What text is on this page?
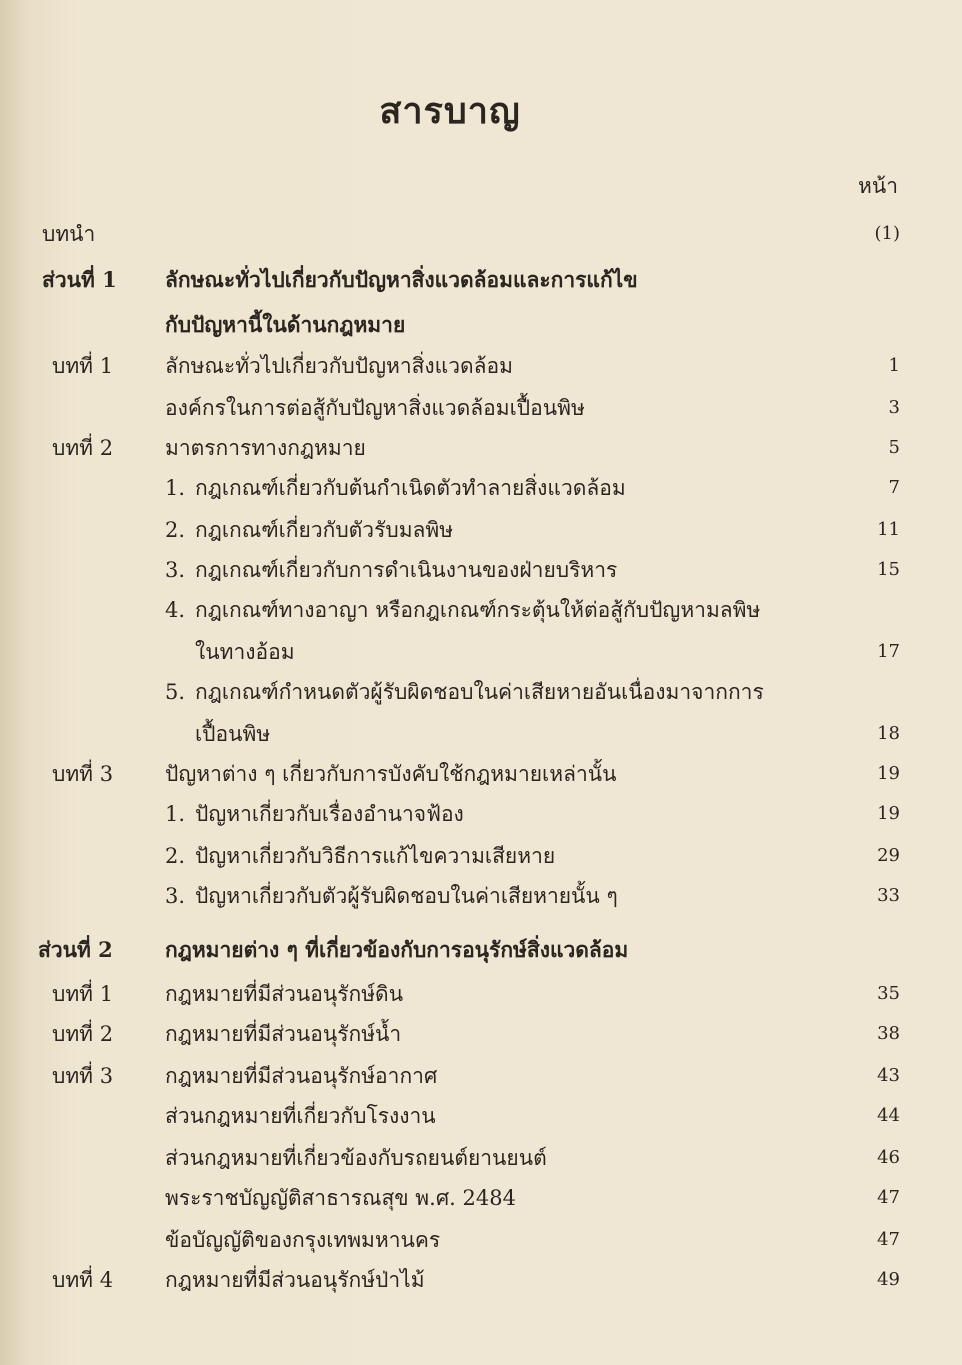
สารบาญ
หน้า
บทนำ	(1)
ส่วนที่ 1 ลักษณะทั่วไปเกี่ยวกับปัญหาสิ่งแวดล้อมและการแก้ไข
กับปัญหานี้ในด้านกฎหมาย
บทที่ 1 ลักษณะทั่วไปเกี่ยวกับปัญหาสิ่งแวดล้อม	1
องค์กรในการต่อสู้กับปัญหาสิ่งแวดล้อมเปื้อนพิษ	3
บทที่ 2 มาตรการทางกฎหมาย	5
1. กฎเกณฑ์เกี่ยวกับต้นกำเนิดตัวทำลายสิ่งแวดล้อม	7
2. กฎเกณฑ์เกี่ยวกับตัวรับมลพิษ	11
3. กฎเกณฑ์เกี่ยวกับการดำเนินงานของฝ่ายบริหาร	15
4. กฎเกณฑ์ทางอาญา หรือกฎเกณฑ์กระตุ้นให้ต่อสู้กับปัญหามลพิษ
ในทางอ้อม	17
5. กฎเกณฑ์กำหนดตัวผู้รับผิดชอบในค่าเสียหายอันเนื่องมาจากการ
เปื้อนพิษ	18
บทที่ 3 ปัญหาต่าง ๆ เกี่ยวกับการบังคับใช้กฎหมายเหล่านั้น	19
1. ปัญหาเกี่ยวกับเรื่องอำนาจฟ้อง	19
2. ปัญหาเกี่ยวกับวิธีการแก้ไขความเสียหาย	29
3. ปัญหาเกี่ยวกับตัวผู้รับผิดชอบในค่าเสียหายนั้น ๆ	33
ส่วนที่ 2 กฎหมายต่าง ๆ ที่เกี่ยวข้องกับการอนุรักษ์สิ่งแวดล้อม
บทที่ 1 กฎหมายที่มีส่วนอนุรักษ์ดิน	35
บทที่ 2 กฎหมายที่มีส่วนอนุรักษ์น้ำ	38
บทที่ 3 กฎหมายที่มีส่วนอนุรักษ์อากาศ	43
ส่วนกฎหมายที่เกี่ยวกับโรงงาน	44
ส่วนกฎหมายที่เกี่ยวข้องกับรถยนต์ยานยนต์	46
พระราชบัญญัติสาธารณสุข พ.ศ. 2484	47
ข้อบัญญัติของกรุงเทพมหานคร	47
บทที่ 4 กฎหมายที่มีส่วนอนุรักษ์ป่าไม้	49
